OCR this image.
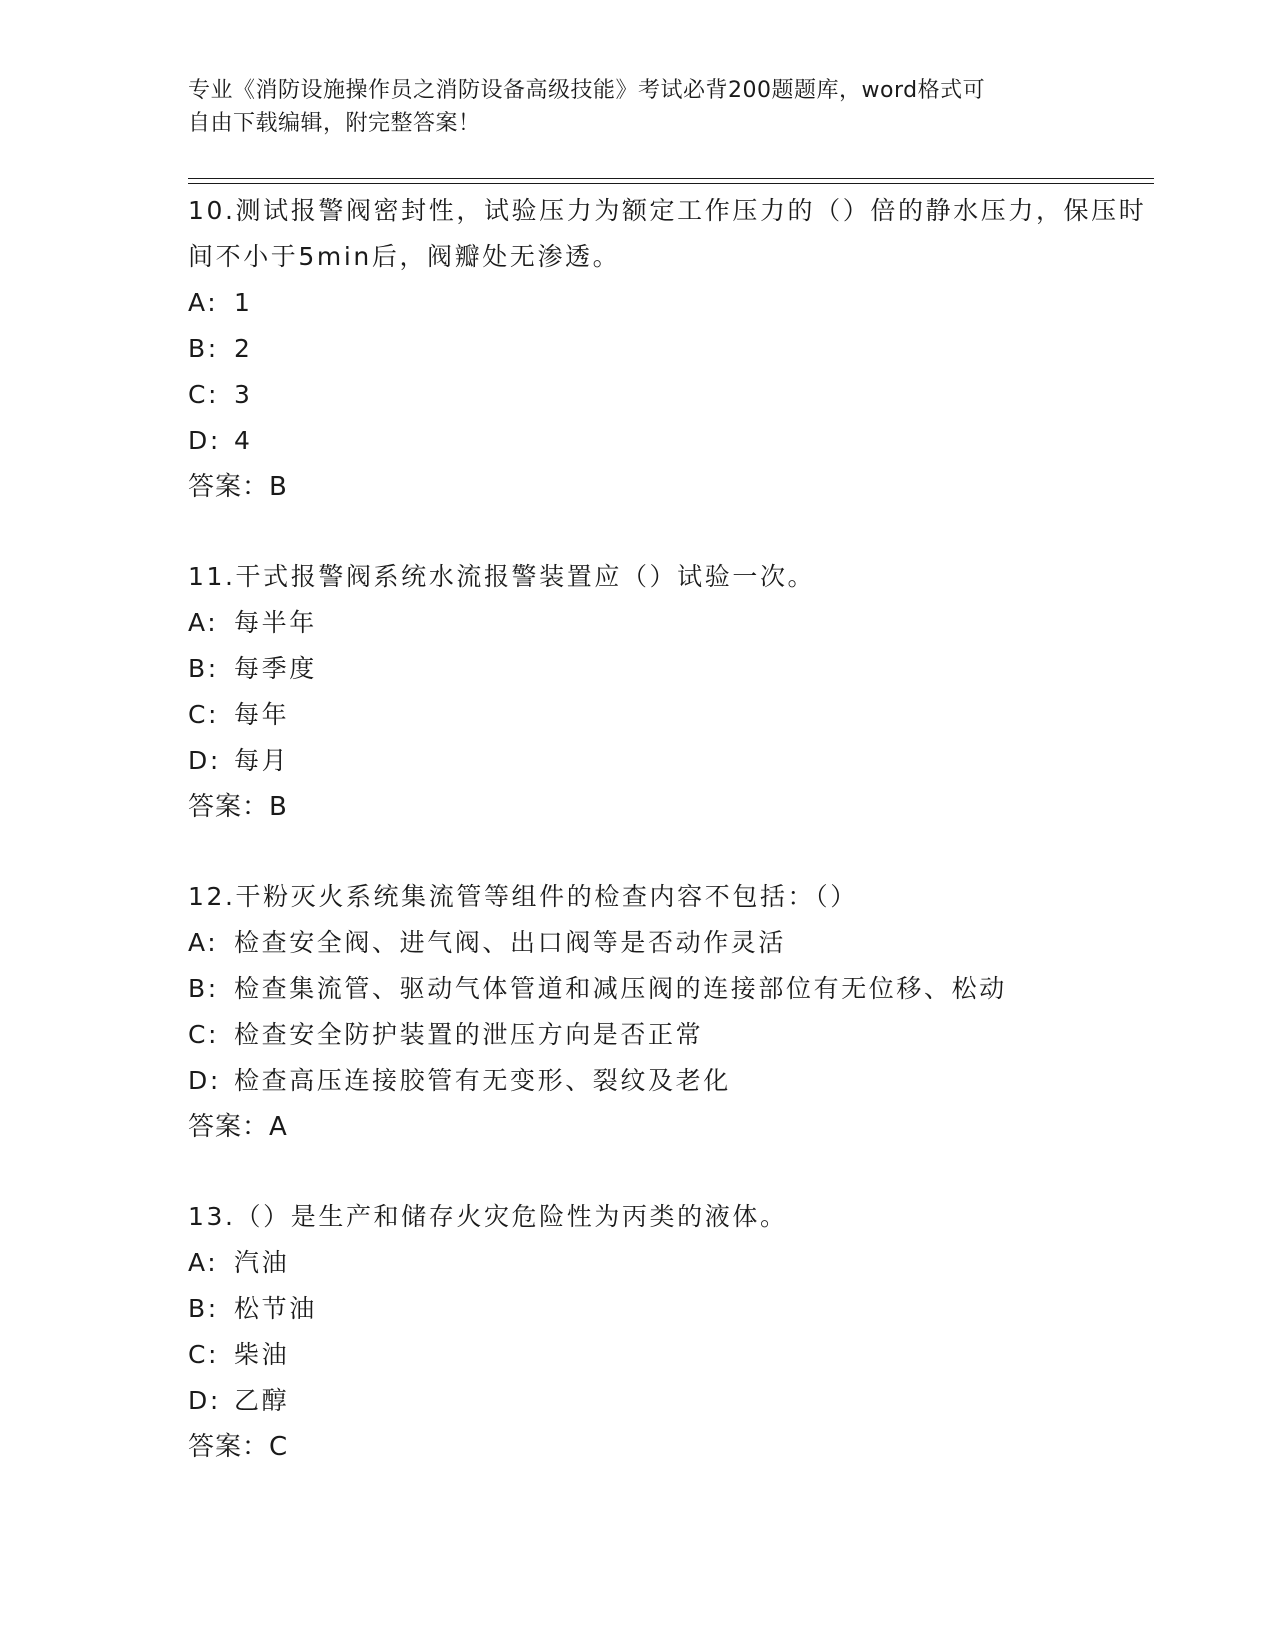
专业《消防设施操作员之消防设备高级技能》考试必背200题题库，word格式可
自由下载编辑，附完整答案！
10.测试报警阀密封性，试验压力为额定工作压力的（）倍的静水压力，保压时间不小于5min后，阀瓣处无渗透。
A: 1
B: 2
C: 3
D: 4
答案：B
11.干式报警阀系统水流报警装置应（）试验一次。
A: 每半年
B: 每季度
C: 每年
D: 每月
答案：B
12.干粉灭火系统集流管等组件的检查内容不包括：（）
A: 检查安全阀、进气阀、出口阀等是否动作灵活
B: 检查集流管、驱动气体管道和减压阀的连接部位有无位移、松动
C: 检查安全防护装置的泄压方向是否正常
D: 检查高压连接胶管有无变形、裂纹及老化
答案：A
13.（）是生产和储存火灾危险性为丙类的液体。
A: 汽油
B: 松节油
C: 柴油
D: 乙醇
答案：C
